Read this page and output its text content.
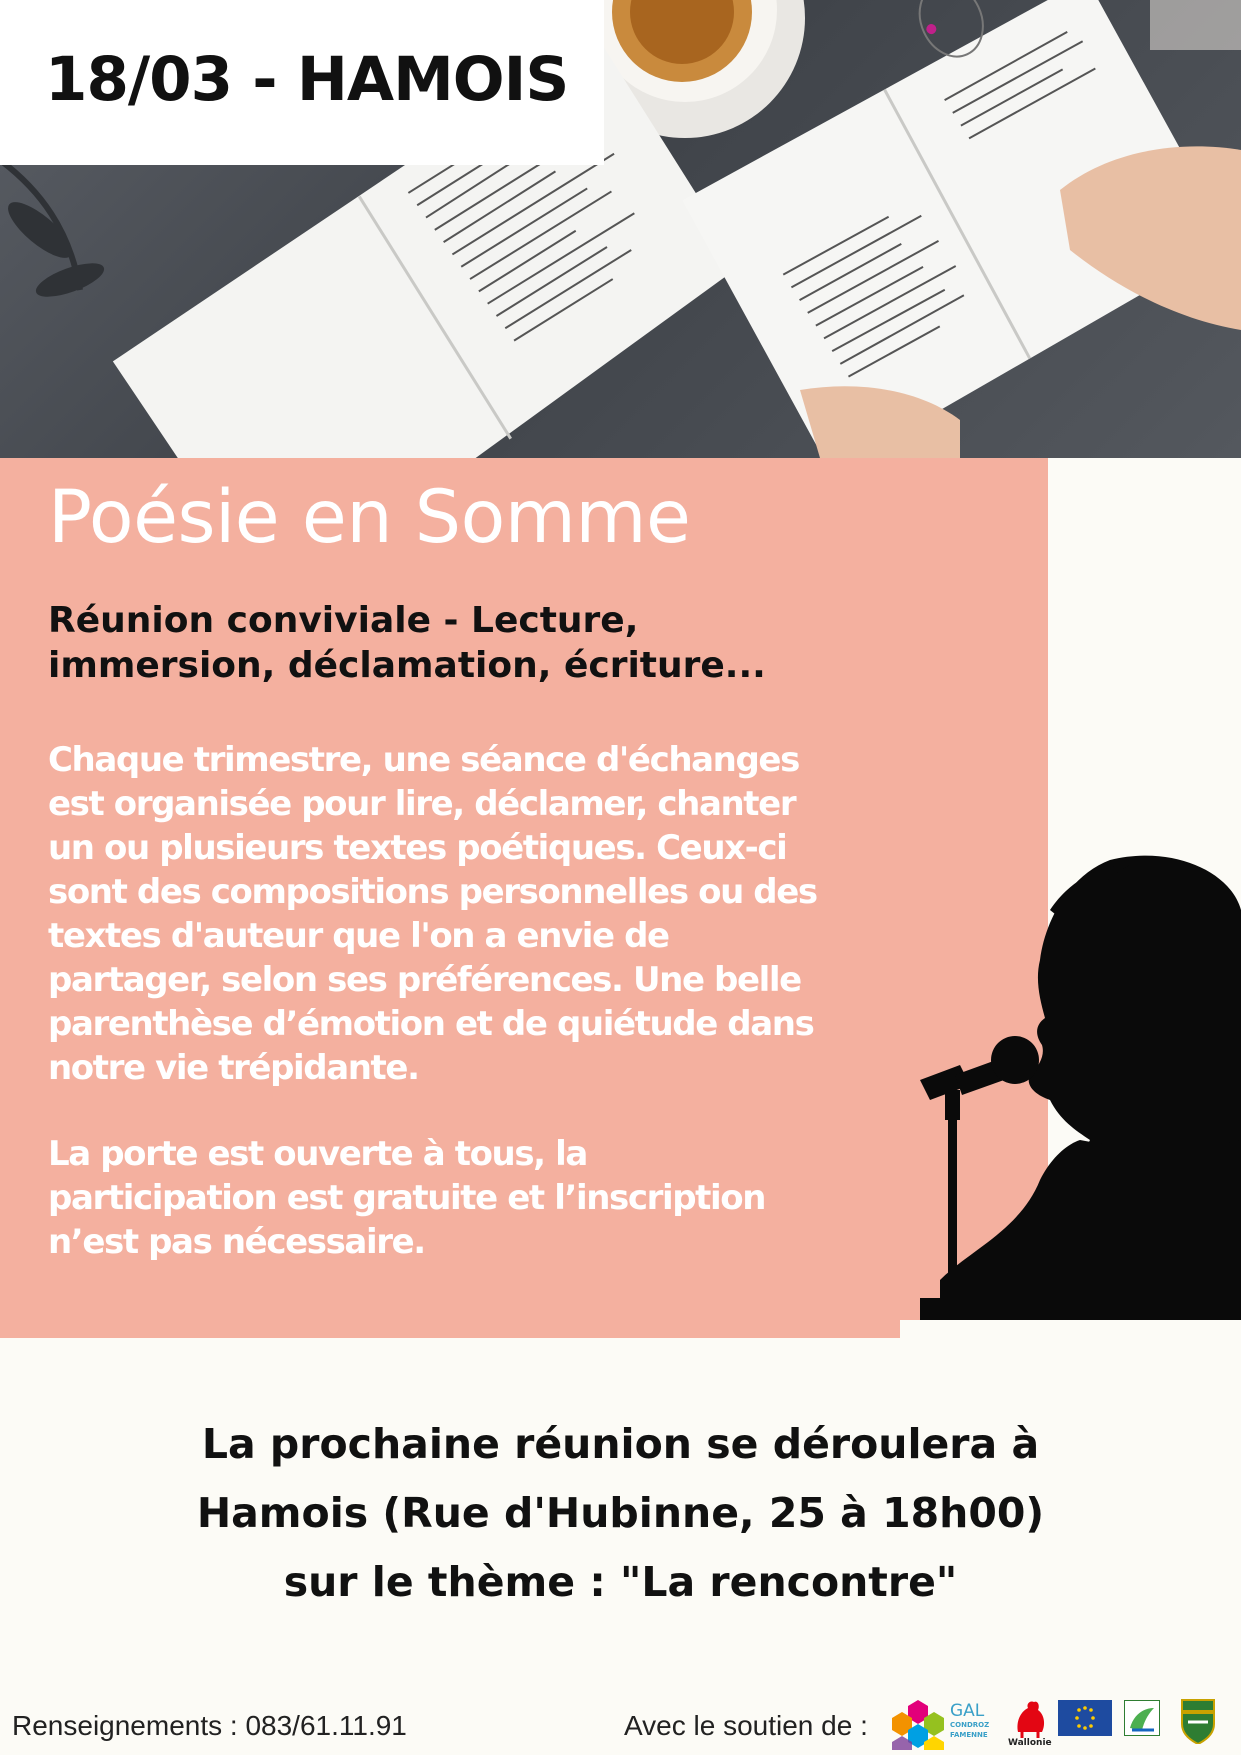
18/03 - HAMOIS
Poésie en Somme
Réunion conviviale - Lecture,
immersion, déclamation, écriture...
Chaque trimestre, une séance d'échanges
est organisée pour lire, déclamer, chanter
un ou plusieurs textes poétiques. Ceux-ci
sont des compositions personnelles ou des
textes d'auteur que l'on a envie de
partager, selon ses préférences. Une belle
parenthèse d’émotion et de quiétude dans
notre vie trépidante.
La porte est ouverte à tous, la
participation est gratuite et l’inscription
n’est pas nécessaire.
La prochaine réunion se déroulera à
Hamois (Rue d'Hubinne, 25 à 18h00)
sur le thème : "La rencontre"
Renseignements : 083/61.11.91	Avec le soutien de :	GAL
CONDROZ
FAMENNE
Wallonie
